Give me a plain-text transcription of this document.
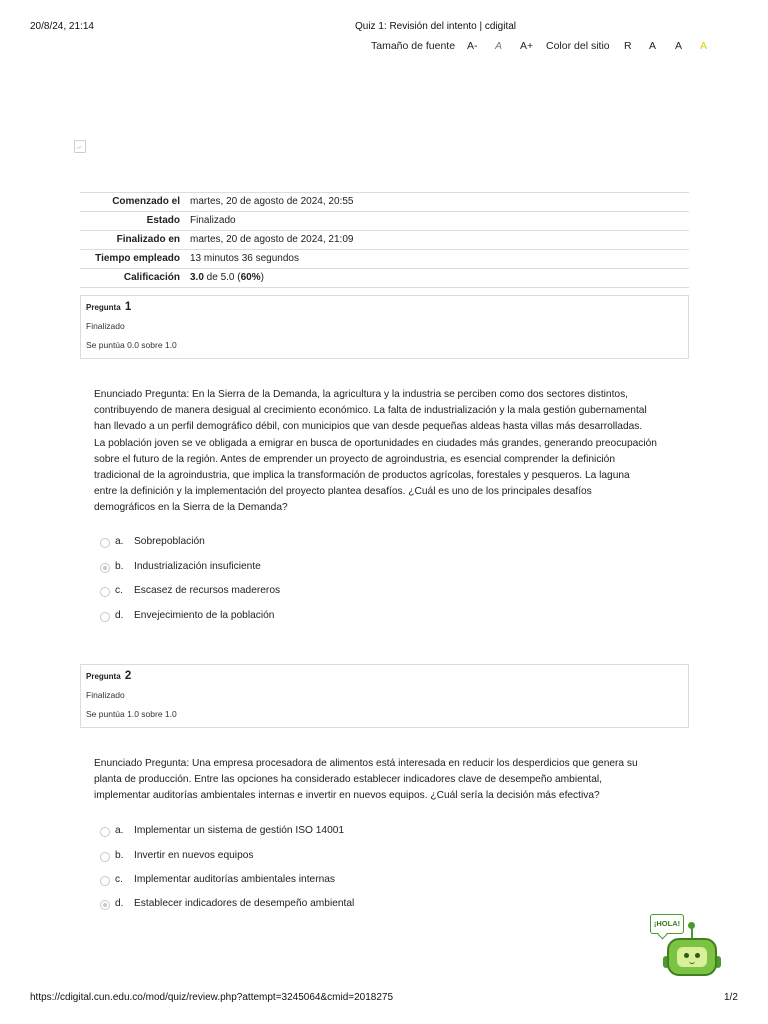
20/8/24, 21:14	Quiz 1: Revisión del intento | cdigital
Tamaño de fuente A- A A+ Color del sitio R A A A
Comenzado el	martes, 20 de agosto de 2024, 20:55
Estado	Finalizado
Finalizado en	martes, 20 de agosto de 2024, 21:09
Tiempo empleado	13 minutos 36 segundos
Calificación	3.0 de 5.0 (60%)
Pregunta 1
Finalizado
Se puntúa 0.0 sobre 1.0
Enunciado Pregunta: En la Sierra de la Demanda, la agricultura y la industria se perciben como dos sectores distintos,
contribuyendo de manera desigual al crecimiento económico. La falta de industrialización y la mala gestión gubernamental
han llevado a un perfil demográfico débil, con municipios que van desde pequeñas aldeas hasta villas más desarrolladas.
La población joven se ve obligada a emigrar en busca de oportunidades en ciudades más grandes, generando preocupación
sobre el futuro de la región. Antes de emprender un proyecto de agroindustria, es esencial comprender la definición
tradicional de la agroindustria, que implica la transformación de productos agrícolas, forestales y pesqueros. La laguna
entre la definición y la implementación del proyecto plantea desafíos. ¿Cuál es uno de los principales desafíos
demográficos en la Sierra de la Demanda?
a. Sobrepoblación
b. Industrialización insuficiente
c. Escasez de recursos madereros
d. Envejecimiento de la población
Pregunta 2
Finalizado
Se puntúa 1.0 sobre 1.0
Enunciado Pregunta: Una empresa procesadora de alimentos está interesada en reducir los desperdicios que genera su
planta de producción. Entre las opciones ha considerado establecer indicadores clave de desempeño ambiental,
implementar auditorías ambientales internas e invertir en nuevos equipos. ¿Cuál sería la decisión más efectiva?
a. Implementar un sistema de gestión ISO 14001
b. Invertir en nuevos equipos
c. Implementar auditorías ambientales internas
d. Establecer indicadores de desempeño ambiental
¡HOLA!
https://cdigital.cun.edu.co/mod/quiz/review.php?attempt=3245064&cmid=2018275	1/2
